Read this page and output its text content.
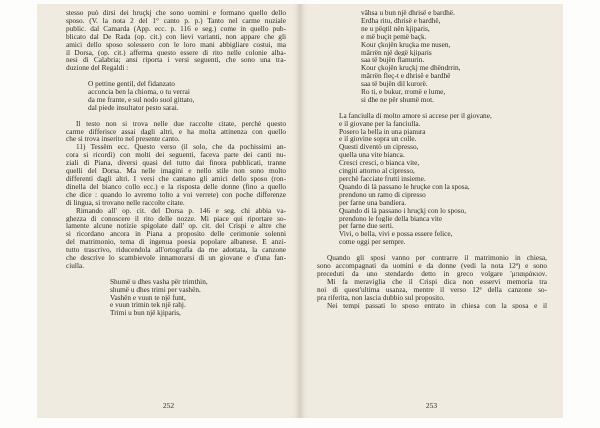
stesso può dirsi dei hruçkj che sono uomini e formano quello dello
sposo. (V. la nota 2 del 1° canto p. p.) Tanto nel carme nuziale
public. dal Camarda (App. ecc. p. 116 e seg.) come in quello pub-
blicato dal De Rada (op. cit.) con lievi varianti, non appare che gli
amici dello sposo solessero con le loro mani abbigliare costui, ma
il Dorsa, (op. cit.) afferma questo essere di rito nelle colonie alba-
nesi di Calabria; ansi riporta i versi seguenti, che sono una tra-
duzione del Regaldi :
O pettine gentil, del fidanzato
acconcia ben la chioma, o tu verrai
da me frante, e sul nodo suol gittato,
dal piede insultator pesto sarai.
Il testo non si trova nelle due raccolte citate, perchè questo
carme differisce assai dagli altri, e ha molta attinenza con quello
che si trova inserito nel presente canto.
11) Tessëm ecc. Questo verso (il solo, che da pochissimi an-
cora si ricordi) con molti dei seguenti, faceva parte dei canti nu-
ziali di Piana, diversi quasi del tutto dai finora pubblicati, tranne
quelli del Dorsa. Ma nelle imagini e nello stile non sono molto
differenti dagli altri. I versi che cantano gli amici dello sposo (ron-
dinella del bianco collo ecc.) e la risposta delle donne (fino a quello
che dice : quando lo avremo tolto a voi verrete) con poche differenze
di lingua, si trovano nelle raccolte citate.
Rimando all' op. cit. del Dorsa p. 146 e seg. chi abbia va-
ghezza di conoscere il rito delle nozze. Mi piace qui riportare so-
lamente alcune notizie spigolate dall' op. cit. del Crispi e altre che
si ricordano ancora in Piana a proposito delle cerimonie solenni
del matrimonio, tema di ingenua poesia popolare albanese. E anzi-
tutto trascrivo, riducendola all'ortografia da me adottata, la canzone
che descrive lo scambievole innamorarsi di un giovane e d'una fan-
ciulla.
Shumë u dhes vasha për trimthin,
shumë u dhes trimi per vashën.
Vashën e vuun te një funt,
e vuun trimin tek një rahj.
Trimi u bun një kjiparis,
252
vâhsa u bun një dhrisë e bardhë.
Erdha ritu, dhrisë e bardhë,
ne u pëqtil nën kjiparis,
e më buçit pemë baçk.
Kour çkojën kruçka me nusen,
mârrën një degë kjiparis
saa të bujën flamurin.
Kour çkojën kruçkj me dhëndrrin,
mârrën fleç-t e dhrisë e bardhë
saa të bujën dil kurorë.
Ro ti, e bukur, rromë e lume,
si dhe ne për shumë mot.
La fanciulla di molto amore si accese per il giovane,
e il giovane per la fanciulla.
Posero la bella in una pianura
e il giovine sopra un colle.
Questi diventò un cipresso,
quella una vite bianca.
Cresci cresci, o bianca vite,
cingiti attorno al cipresso,
perchè facciate frutti insieme.
Quando di là passano le hruçke con la sposa,
prendono un ramo di cipresso
per farne una bandiera.
Quando di là passano i hruçkj con lo sposo,
prendono le foglie della bianca vite
per farne due serti.
Vivi, o bella, vivi e possa essere felice,
come oggi per sempre.
Quando gli sposi vanno per contrarre il matrimonio in chiesa,
sono accompagnati da uomini e da donne (vedi la nota 12ª) e sono
preceduti da uno stendardo detto in greco volgare 'μπαιράκιον.
Mi fa meraviglia che il Crispi dica non esservi memoria tra
noi di quest'ultima usanza, mentre il verso 12ª della canzone so-
pra riferita, non lascia dubbio sul proposito.
Nei tempi passati lo sposo entrato in chiesa con la sposa e il
253
